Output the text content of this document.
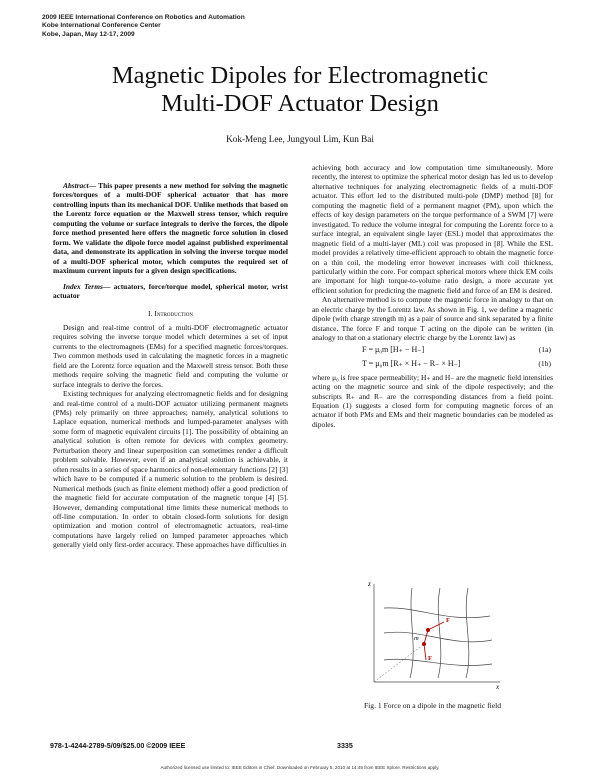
2009 IEEE International Conference on Robotics and Automation
Kobe International Conference Center
Kobe, Japan, May 12-17, 2009
Magnetic Dipoles for Electromagnetic
Multi-DOF Actuator Design
Kok-Meng Lee, Jungyoul Lim, Kun Bai

Abstract— This paper presents a new method for solving the magnetic forces/torques of a multi-DOF spherical actuator that has more controlling inputs than its mechanical DOF. Unlike methods that based on the Lorentz force equation or the Maxwell stress tensor, which require computing the volume or surface integrals to derive the forces, the dipole force method presented here offers the magnetic force solution in closed form. We validate the dipole force model against published experimental data, and demonstrate its application in solving the inverse torque model of a multi-DOF spherical motor, which computes the required set of maximum current inputs for a given design specifications.

Index Terms— actuators, force/torque model, spherical motor, wrist actuator

I. Introduction

Design and real-time control of a multi-DOF electromagnetic actuator requires solving the inverse torque model which determines a set of input currents to the electromagnets (EMs) for a specified magnetic forces/torques. Two common methods used in calculating the magnetic forces in a magnetic field are the Lorentz force equation and the Maxwell stress tensor. Both these methods require solving the magnetic field and computing the volume or surface integrals to derive the forces.

Existing techniques for analyzing electromagnetic fields and for designing and real-time control of a multi-DOF actuator utilizing permanent magnets (PMs) rely primarily on three approaches; namely, analytical solutions to Laplace equation, numerical methods and lumped-parameter analyses with some form of magnetic equivalent circuits [1]. The possibility of obtaining an analytical solution is often remote for devices with complex geometry. Perturbation theory and linear superposition can sometimes render a difficult problem solvable. However, even if an analytical solution is achievable, it often results in a series of space harmonics of non-elementary functions [2] [3] which have to be computed if a numeric solution to the problem is desired. Numerical methods (such as finite element method) offer a good prediction of the magnetic field for accurate computation of the magnetic torque [4] [5]. However, demanding computational time limits these numerical methods to off-line computation. In order to obtain closed-form solutions for design optimization and motion control of electromagnetic actuators, real-time computations have largely relied on lumped parameter approaches which generally yield only first-order accuracy. These approaches have difficulties in

achieving both accuracy and low computation time simultaneously. More recently, the interest to optimize the spherical motor design has led us to develop alternative techniques for analyzing electromagnetic fields of a multi-DOF actuator. This effort led to the distributed multi-pole (DMP) method [8] for computing the magnetic field of a permanent magnet (PM), upon which the effects of key design parameters on the torque performance of a SWM [7] were investigated. To reduce the volume integral for computing the Lorentz force to a surface integral, an equivalent single layer (ESL) model that approximates the magnetic field of a multi-layer (ML) coil was proposed in [8]. While the ESL model provides a relatively time-efficient approach to obtain the magnetic force on a thin coil, the modeling error however increases with coil thickness, particularly within the core. For compact spherical motors where thick EM coils are important for high torque-to-volume ratio design, a more accurate yet efficient solution for predicting the magnetic field and force of an EM is desired.

An alternative method is to compute the magnetic force in analogy to that on an electric charge by the Lorentz law. As shown in Fig. 1, we define a magnetic dipole (with charge strength m) as a pair of source and sink separated by a finite distance. The force F and torque T acting on the dipole can be written (in analogy to that on a stationary electric charge by the Lorentz law) as

F = μ₀m [H₊ − H₋]	(1a)
T = μ₀m [R₊ × H₊ − R₋ × H₋]	(1b)

where μ₀ is free space permeability; H₊ and H₋ are the magnetic field intensities acting on the magnetic source and sink of the dipole respectively; and the subscripts R₊ and R₋ are the corresponding distances from a field point. Equation (1) suggests a closed form for computing magnetic forces of an actuator if both PMs and EMs and their magnetic boundaries can be modeled as dipoles.

z
x
F
F
m
Fig. 1 Force on a dipole in the magnetic field
978-1-4244-2789-5/09/$25.00 ©2009 IEEE	3335
Authorized licensed use limited to: IEEE Editors in Chief. Downloaded on February 5, 2010 at 14:49 from IEEE Xplore. Restrictions apply.
